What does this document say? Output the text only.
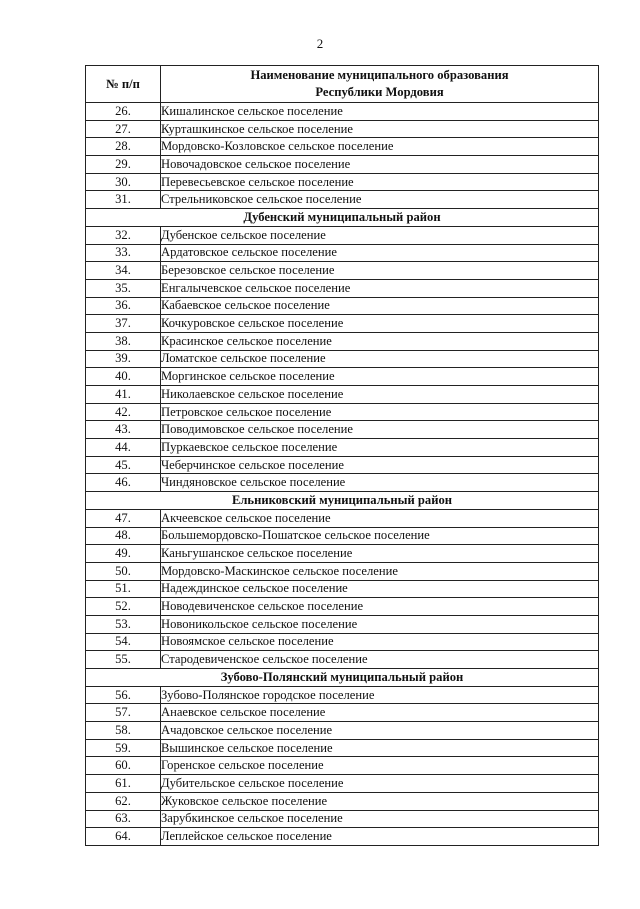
2
№ п/п	Наименование муниципального образования
Республики Мордовия

26.	Кишалинское сельское поселение
27.	Курташкинское сельское поселение
28.	Мордовско-Козловское сельское поселение
29.	Новочадовское сельское поселение
30.	Перевесьевское сельское поселение
31.	Стрельниковское сельское поселение
Дубенский муниципальный район	
32.	Дубенское сельское поселение
33.	Ардатовское сельское поселение
34.	Березовское сельское поселение
35.	Енгалычевское сельское поселение
36.	Кабаевское сельское поселение
37.	Кочкуровское сельское поселение
38.	Красинское сельское поселение
39.	Ломатское сельское поселение
40.	Моргинское сельское поселение
41.	Николаевское сельское поселение
42.	Петровское сельское поселение
43.	Поводимовское сельское поселение
44.	Пуркаевское сельское поселение
45.	Чеберчинское сельское поселение
46.	Чиндяновское сельское поселение
Ельниковский муниципальный район	
47.	Акчеевское сельское поселение
48.	Большемордовско-Пошатское сельское поселение
49.	Каньгушанское сельское поселение
50.	Мордовско-Маскинское сельское поселение
51.	Надеждинское сельское поселение
52.	Новодевиченское сельское поселение
53.	Новоникольское сельское поселение
54.	Новоямское сельское поселение
55.	Стародевиченское сельское поселение
Зубово-Полянский муниципальный район	
56.	Зубово-Полянское городское поселение
57.	Анаевское сельское поселение
58.	Ачадовское сельское поселение
59.	Вышинское сельское поселение
60.	Горенское сельское поселение
61.	Дубительское сельское поселение
62.	Жуковское сельское поселение
63.	Зарубкинское сельское поселение
64.	Леплейское сельское поселение
